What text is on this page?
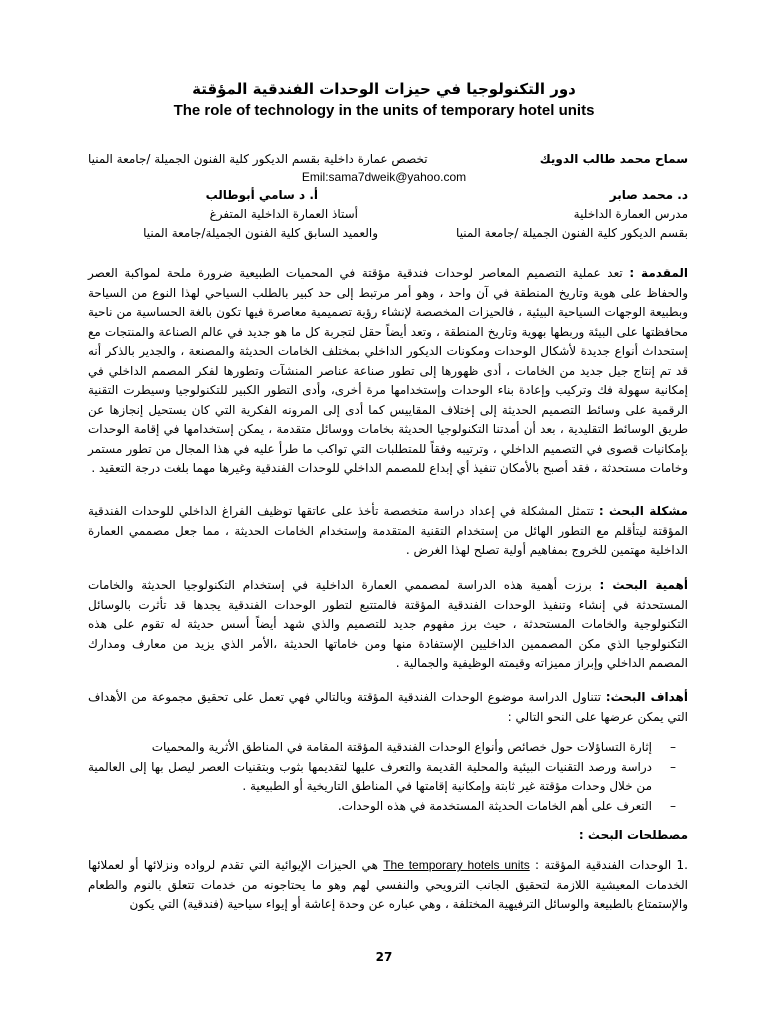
دور التكنولوجيا في حيزات الوحدات الفندقية المؤقتة
The role of technology in the units of temporary hotel units
سماح محمد طالب الدويك
تخصص عمارة داخلية بقسم الديكور كلية الفنون الجميلة /جامعة المنيا
Emil:sama7dweik@yahoo.com
د. محمد صابر
مدرس العمارة الداخلية
بقسم الديكور كلية الفنون الجميلة /جامعة المنيا
أ. د سامي أبوطالب
أستاذ العمارة الداخلية المتفرغ
والعميد السابق كلية الفنون الجميلة/جامعة المنيا
المقدمة : تعد عملية التصميم المعاصر لوحدات فندقية مؤقتة في المحميات الطبيعية ضرورة ملحة لمواكبة العصر والحفاظ على هوية وتاريخ المنطقة في آن واحد ، وهو أمر مرتبط إلى حد كبير بالطلب السياحي لهذا النوع من السياحة وبطبيعة الوجهات السياحية البيئية ، فالحيزات المخصصة لإنشاء رؤية تصميمية معاصرة فيها تكون بالغة الحساسية من ناحية محافظتها على البيئة وربطها بهوية وتاريخ المنطقة ، وتعد أيضاً حقل لتجربة كل ما هو جديد في عالم الصناعة والمنتجات مع إستحداث أنواع جديدة لأشكال الوحدات ومكونات الديكور الداخلي بمختلف الخامات الحديثة والمصنعة ، والجدير بالذكر أنه قد تم إنتاج جيل جديد من الخامات ، أدى ظهورها إلى تطور صناعة عناصر المنشآت وتطورها لفكر المصمم الداخلي في إمكانية سهولة فك وتركيب وإعادة بناء الوحدات وإستخدامها مرة أخرى، وأدى التطور الكبير للتكنولوجيا وسيطرت التقنية الرقمية على وسائط التصميم الحديثة إلى إختلاف المقاييس كما أدى إلى المرونه الفكرية التي كان يستحيل إنجازها عن طريق الوسائط التقليدية ، بعد أن أمدتنا التكنولوجيا الحديثة بخامات ووسائل متقدمة ، يمكن إستخدامها في إقامة الوحدات بإمكانيات قصوى في التصميم الداخلي ، وترتيبه وفقاً للمتطلبات التي تواكب ما طرأ عليه في هذا المجال من تطور مستمر وخامات مستحدثة ، فقد أصبح بالأمكان تنفيذ أي إبداع للمصمم الداخلي للوحدات الفندقية وغيرها مهما بلغت درجة التعقيد .
مشكلة البحث : تتمثل المشكلة في إعداد دراسة متخصصة تأخذ على عاتقها توظيف الفراغ الداخلي للوحدات الفندقية المؤقتة ليتأقلم مع التطور الهائل من إستخدام التقنية المتقدمة وإستخدام الخامات الحديثة ، مما جعل مصممي العمارة الداخلية مهتمين للخروج بمفاهيم أولية تصلح لهذا الغرض .
أهمية البحث : برزت أهمية هذه الدراسة لمصممي العمارة الداخلية في إستخدام التكنولوجيا الحديثة والخامات المستحدثة في إنشاء وتنفيذ الوحدات الفندقية المؤقتة فالمتتبع لتطور الوحدات الفندقية يجدها قد تأثرت بالوسائل التكنولوجية والخامات المستحدثة ، حيث برز مفهوم جديد للتصميم والذي شهد أيضاً أسس حديثة له تقوم على هذه التكنولوجيا الذي مكن المصممين الداخليين الإستفادة منها ومن خاماتها الحديثة ،الأمر الذي يزيد من معارف ومدارك المصمم الداخلي وإبراز مميزاته وقيمته الوظيفية والجمالية .
أهداف البحث: تتناول الدراسة موضوع الوحدات الفندقية المؤقتة وبالتالي فهي تعمل على تحقيق مجموعة من الأهداف التي يمكن عرضها على النحو التالي :
–
إثارة التساؤلات حول خصائص وأنواع الوحدات الفندقية المؤقتة المقامة في المناطق الأثرية والمحميات
–
دراسة ورصد التقنيات البيئية والمحلية القديمة والتعرف عليها لتقديمها بثوب وبتقنيات العصر ليصل بها إلى العالمية من خلال وحدات مؤقتة غير ثابتة وإمكانية إقامتها في المناطق التاريخية أو الطبيعية .
–
التعرف على أهم الخامات الحديثة المستخدمة في هذه الوحدات.
مصطلحات البحث :
.1 الوحدات الفندقية المؤقتة : The temporary hotels units هي الحيزات الإيوائية التي تقدم لرواده ونزلائها أو لعملائها الخدمات المعيشية اللازمة لتحقيق الجانب الترويحي والنفسي لهم وهو ما يحتاجونه من خدمات تتعلق بالنوم والطعام والإستمتاع بالطبيعة والوسائل الترفيهية المختلفة ، وهي عباره عن وحدة إعاشة أو إيواء سياحية (فندقية) التي يكون
27
